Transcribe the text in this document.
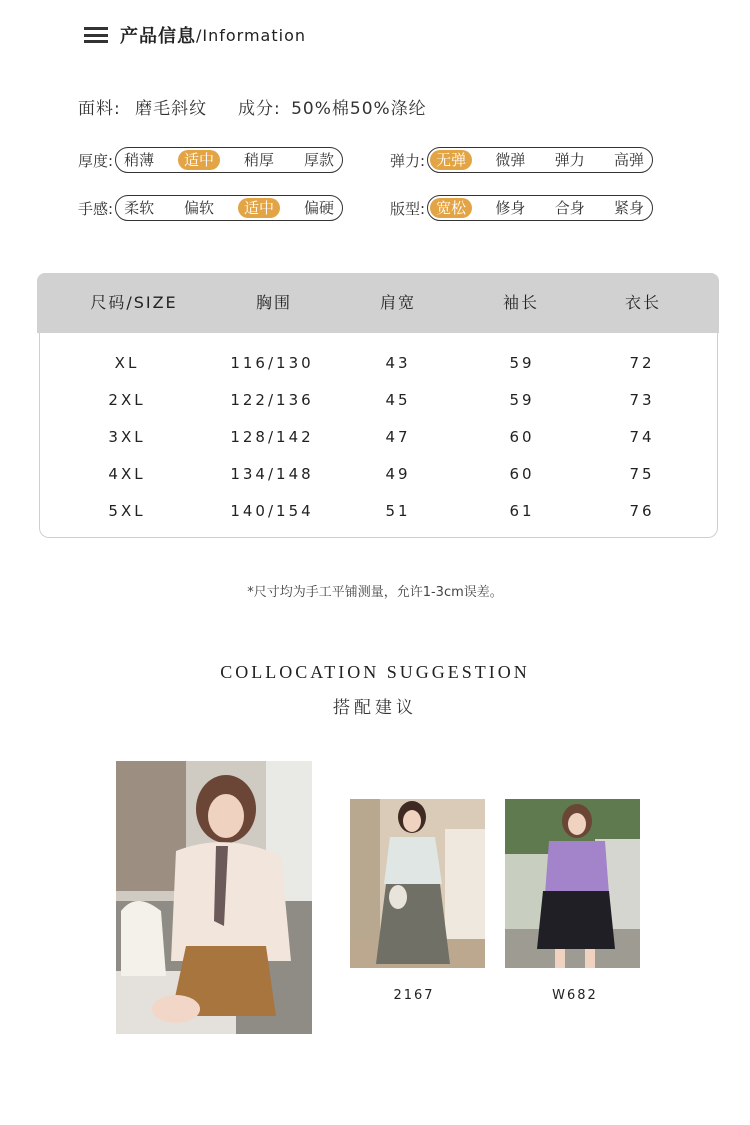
产品信息 /Information
面料: 磨毛斜纹 成分: 50%棉50%涤纶
厚度: 稍薄	适中	稍厚	厚款	弹力: 无弹	微弹	弹力	高弹
手感: 柔软	偏软	适中	偏硬	版型: 宽松	修身	合身	紧身
尺码/SIZE	胸围	肩宽	袖长	衣长
XL	116/130	43	59	72
2XL	122/136	45	59	73
3XL	128/142	47	60	74
4XL	134/148	49	60	75
5XL	140/154	51	61	76
*尺寸均为手工平铺测量，允许1-3cm误差。
COLLOCATION SUGGESTION
搭配建议
2167	W682
